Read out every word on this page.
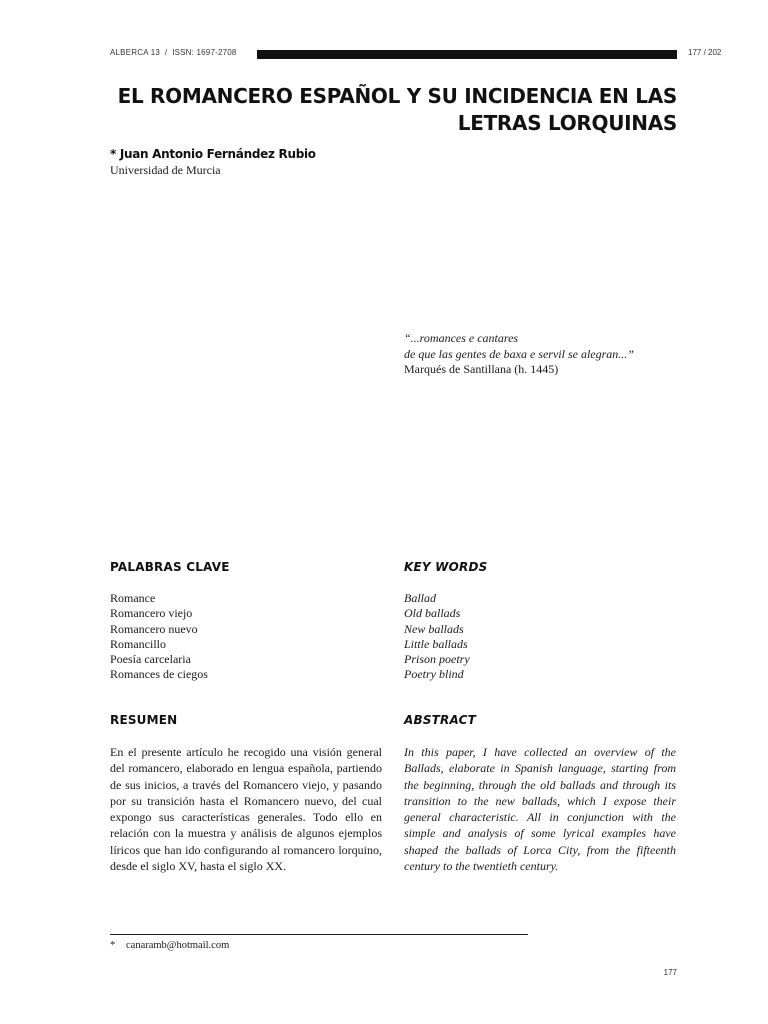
ALBERCA 13 / ISSN: 1697-2708	177 / 202
EL ROMANCERO ESPAÑOL Y SU INCIDENCIA EN LAS LETRAS LORQUINAS
* Juan Antonio Fernández Rubio
Universidad de Murcia
“...romances e cantares
de que las gentes de baxa e servil se alegran...”
Marqués de Santillana (h. 1445)
PALABRAS CLAVE
Romance
Romancero viejo
Romancero nuevo
Romancillo
Poesía carcelaria
Romances de ciegos
KEY WORDS
Ballad
Old ballads
New ballads
Little ballads
Prison poetry
Poetry blind
RESUMEN
En el presente artículo he recogido una visión general del romancero, elaborado en lengua española, partiendo de sus inicios, a través del Romancero viejo, y pasando por su transición hasta el Romancero nuevo, del cual expongo sus características generales. Todo ello en relación con la muestra y análisis de algunos ejemplos líricos que han ido configurando al romancero lorquino, desde el siglo XV, hasta el siglo XX.
ABSTRACT
In this paper, I have collected an overview of the Ballads, elaborate in Spanish language, starting from the beginning, through the old ballads and through its transition to the new ballads, which I expose their general characteristic. All in conjunction with the simple and analysis of some lyrical examples have shaped the ballads of Lorca City, from the fifteenth century to the twentieth century.
* canaramb@hotmail.com
177
